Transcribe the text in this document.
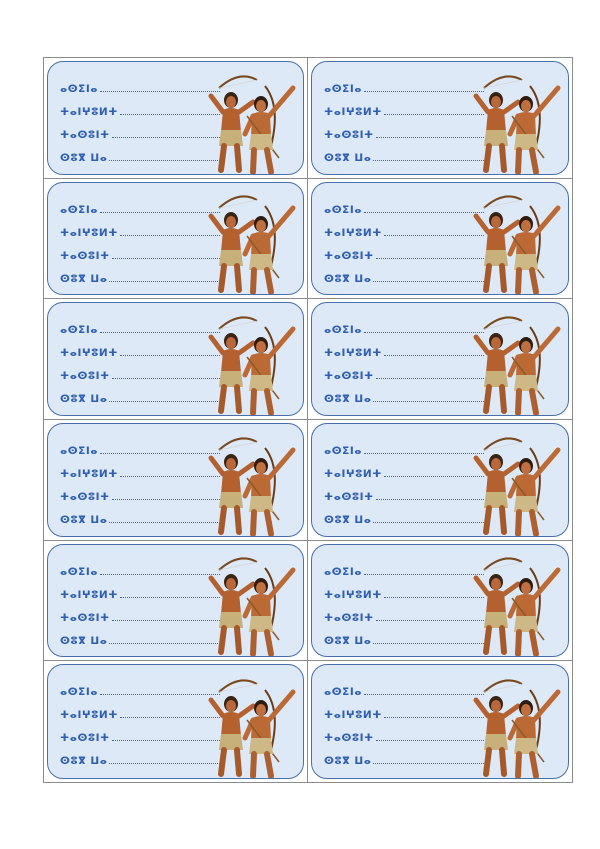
ⴰⵙⵉⵏⴰ
ⵜⴰⵏⵖⵓⵍⵜ
ⵜⴰⵙⵓⵏⵜ
ⵙⵓⴳ ⵡⴰ
ⴰⵙⵉⵏⴰ
ⵜⴰⵏⵖⵓⵍⵜ
ⵜⴰⵙⵓⵏⵜ
ⵙⵓⴳ ⵡⴰ
ⴰⵙⵉⵏⴰ
ⵜⴰⵏⵖⵓⵍⵜ
ⵜⴰⵙⵓⵏⵜ
ⵙⵓⴳ ⵡⴰ
ⴰⵙⵉⵏⴰ
ⵜⴰⵏⵖⵓⵍⵜ
ⵜⴰⵙⵓⵏⵜ
ⵙⵓⴳ ⵡⴰ
ⴰⵙⵉⵏⴰ
ⵜⴰⵏⵖⵓⵍⵜ
ⵜⴰⵙⵓⵏⵜ
ⵙⵓⴳ ⵡⴰ
ⴰⵙⵉⵏⴰ
ⵜⴰⵏⵖⵓⵍⵜ
ⵜⴰⵙⵓⵏⵜ
ⵙⵓⴳ ⵡⴰ
ⴰⵙⵉⵏⴰ
ⵜⴰⵏⵖⵓⵍⵜ
ⵜⴰⵙⵓⵏⵜ
ⵙⵓⴳ ⵡⴰ
ⴰⵙⵉⵏⴰ
ⵜⴰⵏⵖⵓⵍⵜ
ⵜⴰⵙⵓⵏⵜ
ⵙⵓⴳ ⵡⴰ
ⴰⵙⵉⵏⴰ
ⵜⴰⵏⵖⵓⵍⵜ
ⵜⴰⵙⵓⵏⵜ
ⵙⵓⴳ ⵡⴰ
ⴰⵙⵉⵏⴰ
ⵜⴰⵏⵖⵓⵍⵜ
ⵜⴰⵙⵓⵏⵜ
ⵙⵓⴳ ⵡⴰ
ⴰⵙⵉⵏⴰ
ⵜⴰⵏⵖⵓⵍⵜ
ⵜⴰⵙⵓⵏⵜ
ⵙⵓⴳ ⵡⴰ
ⴰⵙⵉⵏⴰ
ⵜⴰⵏⵖⵓⵍⵜ
ⵜⴰⵙⵓⵏⵜ
ⵙⵓⴳ ⵡⴰ
